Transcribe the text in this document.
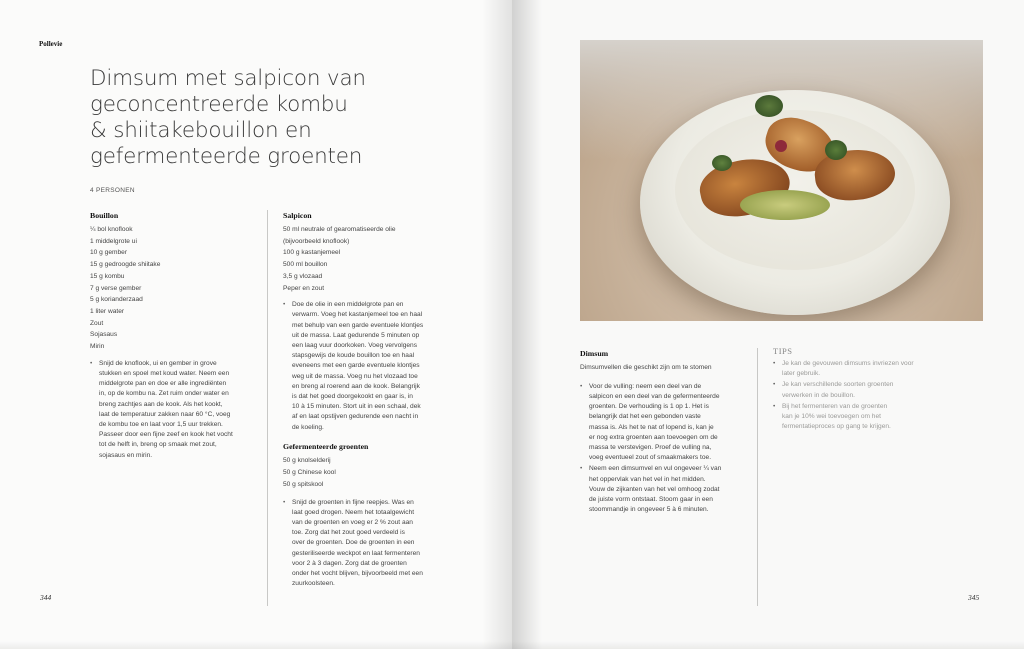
Pollevie
Dimsum met salpicon van
geconcentreerde kombu
& shiitakebouillon en
gefermenteerde groenten
4 PERSONEN
Bouillon
¼ bol knoflook
1 middelgrote ui
10 g gember
15 g gedroogde shiitake
15 g kombu
7 g verse gember
5 g korianderzaad
1 liter water
Zout
Sojasaus
Mirin
• Snijd de knoflook, ui en gember in grove
stukken en spoel met koud water. Neem een
middelgrote pan en doe er alle ingrediënten
in, op de kombu na. Zet ruim onder water en
breng zachtjes aan de kook. Als het kookt,
laat de temperatuur zakken naar 60 °C, voeg
de kombu toe en laat voor 1,5 uur trekken.
Passeer door een fijne zeef en kook het vocht
tot de helft in, breng op smaak met zout,
sojasaus en mirin.
Salpicon
50 ml neutrale of gearomatiseerde olie
(bijvoorbeeld knoflook)
100 g kastanjemeel
500 ml bouillon
3,5 g vlozaad
Peper en zout
• Doe de olie in een middelgrote pan en
verwarm. Voeg het kastanjemeel toe en haal
met behulp van een garde eventuele klontjes
uit de massa. Laat gedurende 5 minuten op
een laag vuur doorkoken. Voeg vervolgens
stapsgewijs de koude bouillon toe en haal
eveneens met een garde eventuele klontjes
weg uit de massa. Voeg nu het vlozaad toe
en breng al roerend aan de kook. Belangrijk
is dat het goed doorgekookt en gaar is, in
10 à 15 minuten. Stort uit in een schaal, dek
af en laat opstijven gedurende een nacht in
de koeling.
Gefermenteerde groenten
50 g knolselderij
50 g Chinese kool
50 g spitskool
• Snijd de groenten in fijne reepjes. Was en
laat goed drogen. Neem het totaalgewicht
van de groenten en voeg er 2 % zout aan
toe. Zorg dat het zout goed verdeeld is
over de groenten. Doe de groenten in een
gesteriliseerde weckpot en laat fermenteren
voor 2 à 3 dagen. Zorg dat de groenten
onder het vocht blijven, bijvoorbeeld met een
zuurkoolsteen.
344
Dimsum
Dimsumvellen die geschikt zijn om te stomen
• Voor de vulling: neem een deel van de
salpicon en een deel van de gefermenteerde
groenten. De verhouding is 1 op 1. Het is
belangrijk dat het een gebonden vaste
massa is. Als het te nat of lopend is, kan je
er nog extra groenten aan toevoegen om de
massa te verstevigen. Proef de vulling na,
voeg eventueel zout of smaakmakers toe.
• Neem een dimsumvel en vul ongeveer ¼ van
het oppervlak van het vel in het midden.
Vouw de zijkanten van het vel omhoog zodat
de juiste vorm ontstaat. Stoom gaar in een
stoommandje in ongeveer 5 à 6 minuten.
TIPS
• Je kan de gevouwen dimsums invriezen voor
later gebruik.
• Je kan verschillende soorten groenten
verwerken in de bouillon.
• Bij het fermenteren van de groenten
kan je 10% wei toevoegen om het
fermentatieproces op gang te krijgen.
345
